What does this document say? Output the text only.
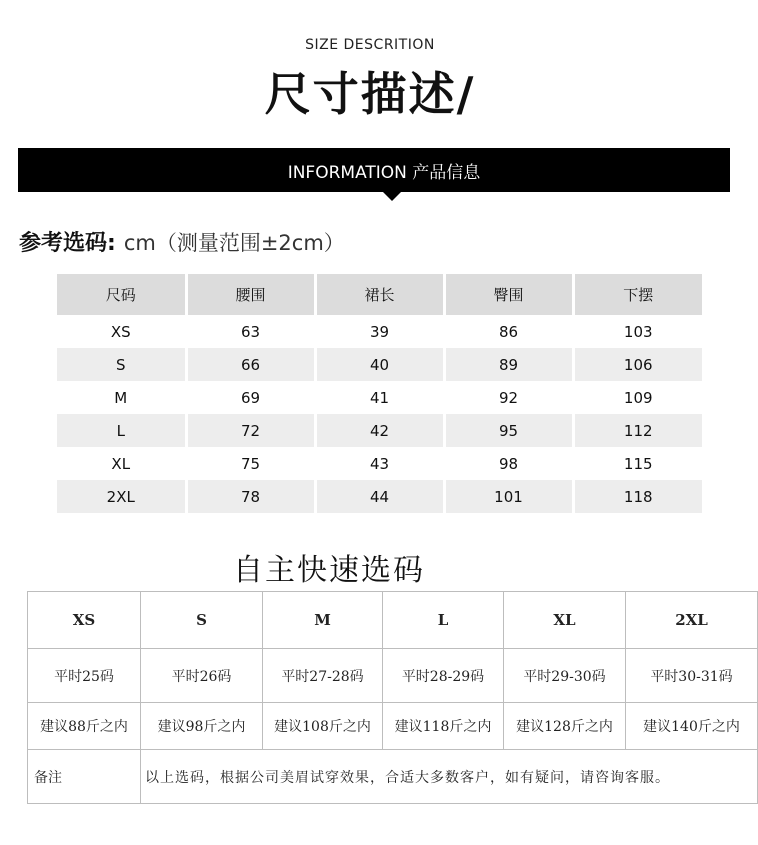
SIZE DESCRITION
尺寸描述/
INFORMATION 产品信息
参考选码: cm（测量范围±2cm）
尺码	腰围	裙长	臀围	下摆
XS	63	39	86	103
S	66	40	89	106
M	69	41	92	109
L	72	42	95	112
XL	75	43	98	115
2XL	78	44	101	118
自主快速选码
XS	S	M	L	XL	2XL
平时25码	平时26码	平时27-28码	平时28-29码	平时29-30码	平时30-31码
建议88斤之内	建议98斤之内	建议108斤之内	建议118斤之内	建议128斤之内	建议140斤之内
备注	以上选码，根据公司美眉试穿效果，合适大多数客户，如有疑问，请咨询客服。				
